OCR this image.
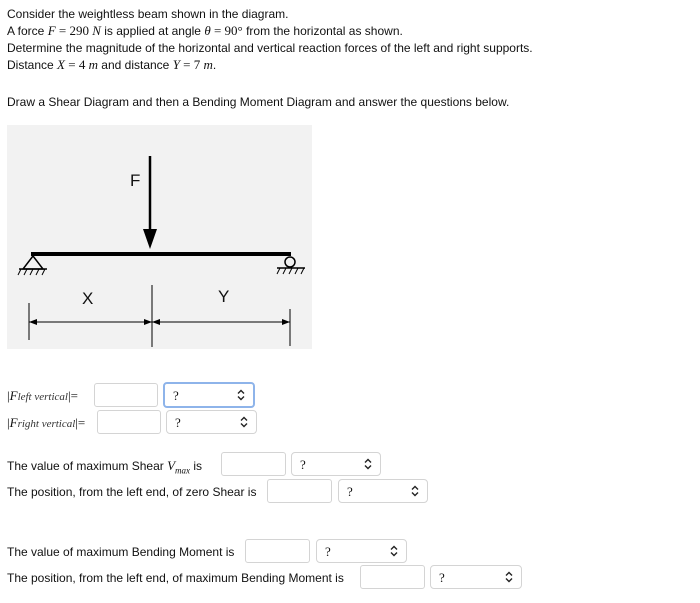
Consider the weightless beam shown in the diagram.
A force F = 290 N is applied at angle θ = 90° from the horizontal as shown.
Determine the magnitude of the horizontal and vertical reaction forces of the left and right supports.
Distance X = 4 m and distance Y = 7 m.
Draw a Shear Diagram and then a Bending Moment Diagram and answer the questions below.
F
X	Y
|Fleft vertical|=	?
|Fright vertical|=	?
The value of maximum Shear $V_{max}$ is	?
The position, from the left end, of zero Shear is	?
The value of maximum Bending Moment is	?
The position, from the left end, of maximum Bending Moment is	?
